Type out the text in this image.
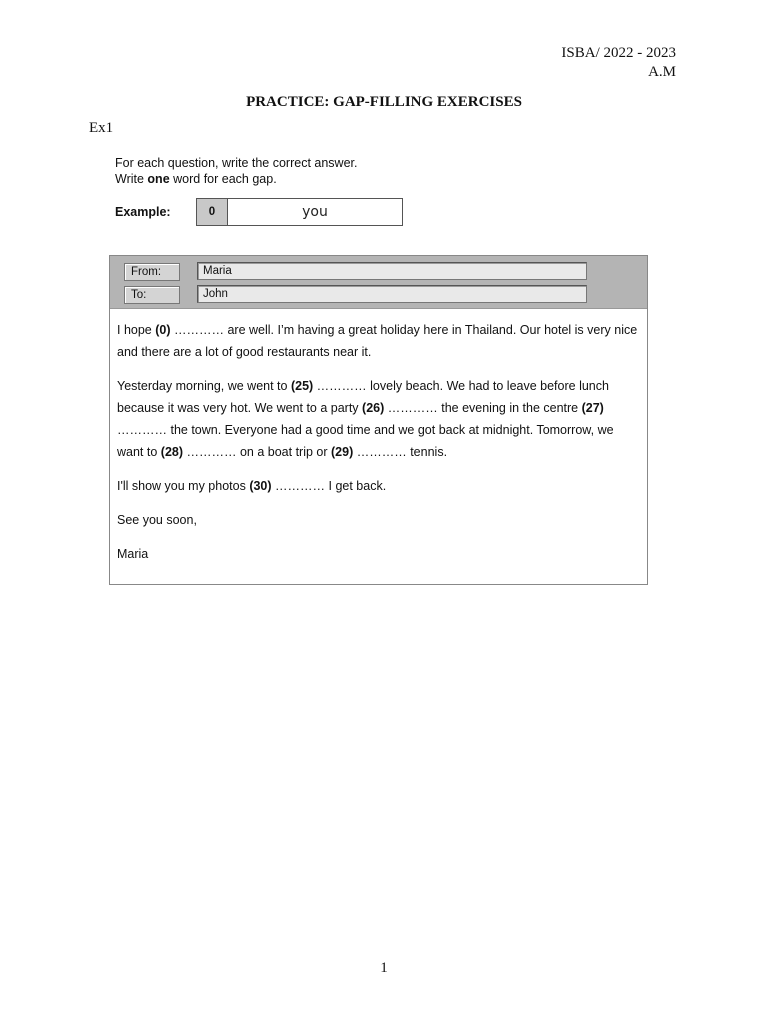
ISBA/ 2022 - 2023
A.M
PRACTICE: GAP-FILLING EXERCISES
Ex1
For each question, write the correct answer.
Write one word for each gap.
Example:	0	you
From:	Maria
To:	John

I hope (0) ………… are well. I’m having a great holiday here in Thailand. Our hotel is very nice and there are a lot of good restaurants near it.

Yesterday morning, we went to (25) ………… lovely beach. We had to leave before lunch because it was very hot. We went to a party (26) ………… the evening in the centre (27) ………… the town. Everyone had a good time and we got back at midnight. Tomorrow, we want to (28) ………… on a boat trip or (29) ………… tennis.

I'll show you my photos (30) ………… I get back.

See you soon,

Maria

1
